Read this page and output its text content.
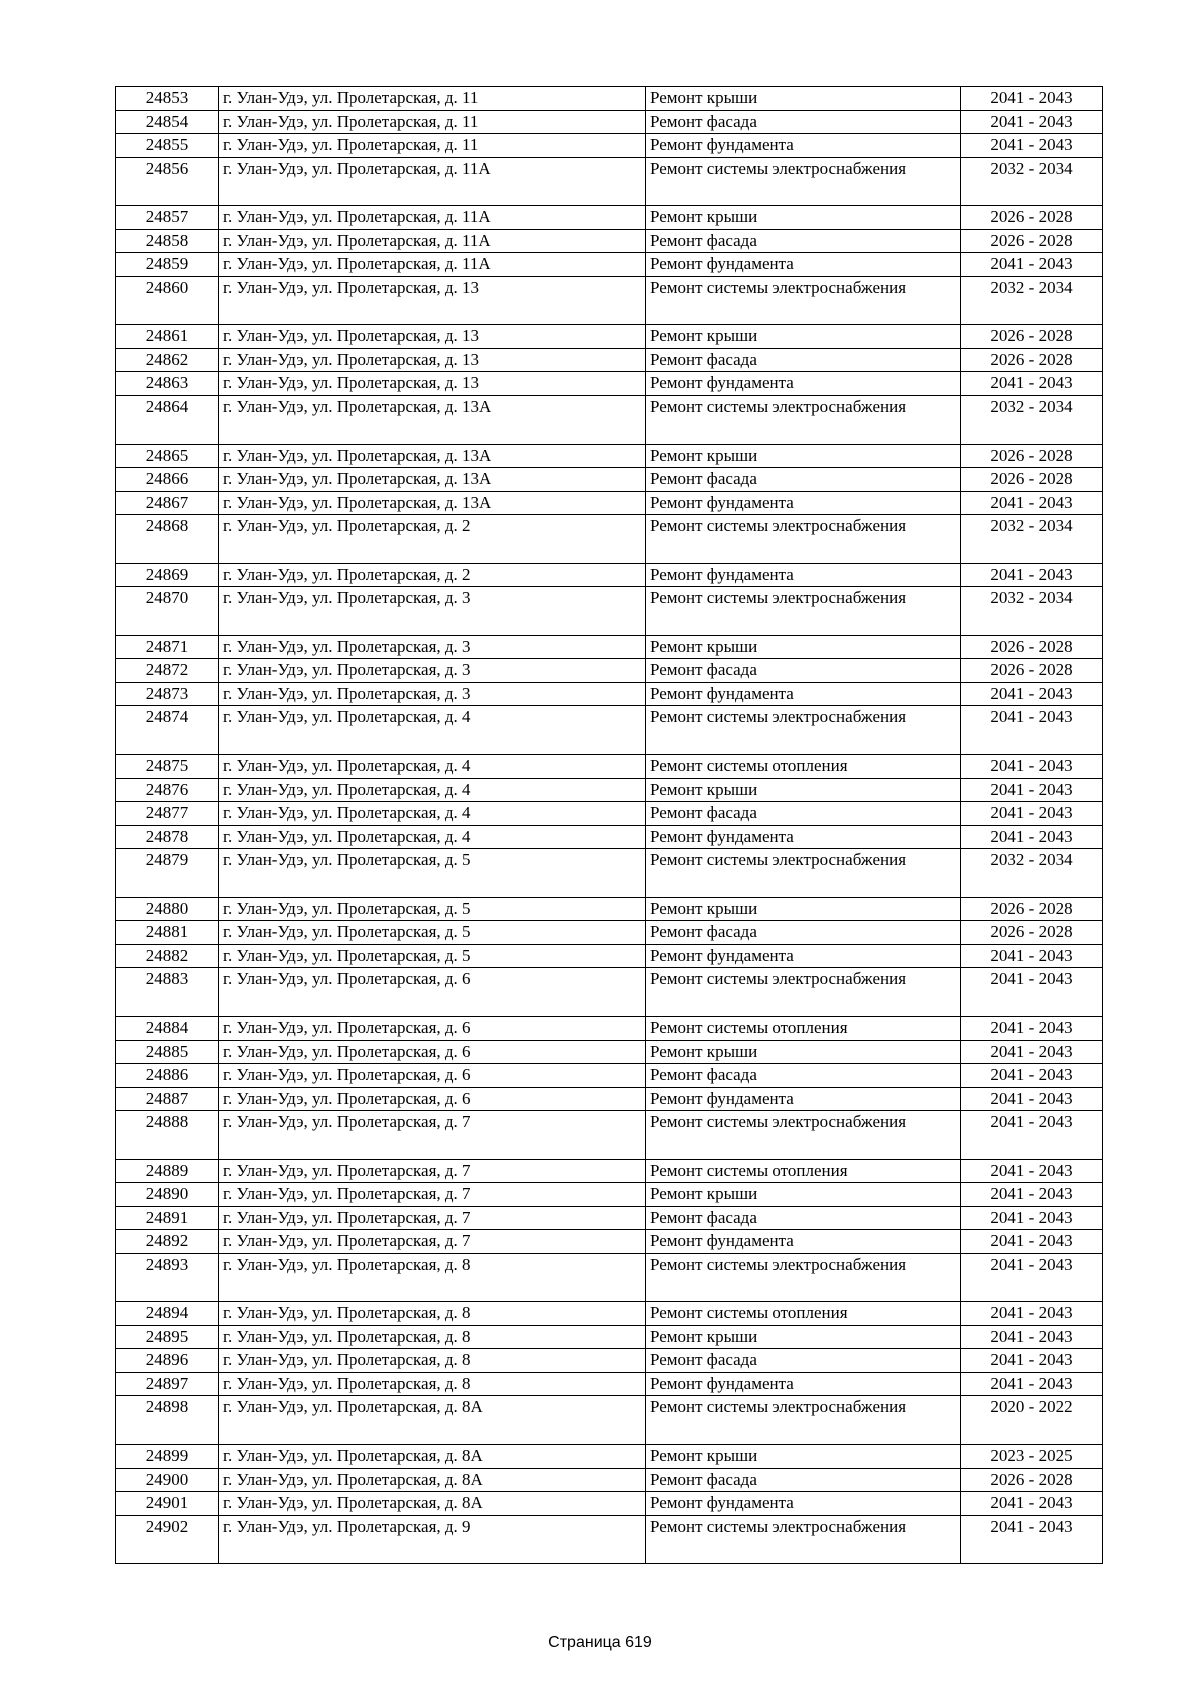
24853	г. Улан-Удэ, ул. Пролетарская, д. 11	Ремонт крыши	2041 - 2043
24854	г. Улан-Удэ, ул. Пролетарская, д. 11	Ремонт фасада	2041 - 2043
24855	г. Улан-Удэ, ул. Пролетарская, д. 11	Ремонт фундамента	2041 - 2043
24856	г. Улан-Удэ, ул. Пролетарская, д. 11А	Ремонт системы электроснабжения	2032 - 2034
24857	г. Улан-Удэ, ул. Пролетарская, д. 11А	Ремонт крыши	2026 - 2028
24858	г. Улан-Удэ, ул. Пролетарская, д. 11А	Ремонт фасада	2026 - 2028
24859	г. Улан-Удэ, ул. Пролетарская, д. 11А	Ремонт фундамента	2041 - 2043
24860	г. Улан-Удэ, ул. Пролетарская, д. 13	Ремонт системы электроснабжения	2032 - 2034
24861	г. Улан-Удэ, ул. Пролетарская, д. 13	Ремонт крыши	2026 - 2028
24862	г. Улан-Удэ, ул. Пролетарская, д. 13	Ремонт фасада	2026 - 2028
24863	г. Улан-Удэ, ул. Пролетарская, д. 13	Ремонт фундамента	2041 - 2043
24864	г. Улан-Удэ, ул. Пролетарская, д. 13А	Ремонт системы электроснабжения	2032 - 2034
24865	г. Улан-Удэ, ул. Пролетарская, д. 13А	Ремонт крыши	2026 - 2028
24866	г. Улан-Удэ, ул. Пролетарская, д. 13А	Ремонт фасада	2026 - 2028
24867	г. Улан-Удэ, ул. Пролетарская, д. 13А	Ремонт фундамента	2041 - 2043
24868	г. Улан-Удэ, ул. Пролетарская, д. 2	Ремонт системы электроснабжения	2032 - 2034
24869	г. Улан-Удэ, ул. Пролетарская, д. 2	Ремонт фундамента	2041 - 2043
24870	г. Улан-Удэ, ул. Пролетарская, д. 3	Ремонт системы электроснабжения	2032 - 2034
24871	г. Улан-Удэ, ул. Пролетарская, д. 3	Ремонт крыши	2026 - 2028
24872	г. Улан-Удэ, ул. Пролетарская, д. 3	Ремонт фасада	2026 - 2028
24873	г. Улан-Удэ, ул. Пролетарская, д. 3	Ремонт фундамента	2041 - 2043
24874	г. Улан-Удэ, ул. Пролетарская, д. 4	Ремонт системы электроснабжения	2041 - 2043
24875	г. Улан-Удэ, ул. Пролетарская, д. 4	Ремонт системы отопления	2041 - 2043
24876	г. Улан-Удэ, ул. Пролетарская, д. 4	Ремонт крыши	2041 - 2043
24877	г. Улан-Удэ, ул. Пролетарская, д. 4	Ремонт фасада	2041 - 2043
24878	г. Улан-Удэ, ул. Пролетарская, д. 4	Ремонт фундамента	2041 - 2043
24879	г. Улан-Удэ, ул. Пролетарская, д. 5	Ремонт системы электроснабжения	2032 - 2034
24880	г. Улан-Удэ, ул. Пролетарская, д. 5	Ремонт крыши	2026 - 2028
24881	г. Улан-Удэ, ул. Пролетарская, д. 5	Ремонт фасада	2026 - 2028
24882	г. Улан-Удэ, ул. Пролетарская, д. 5	Ремонт фундамента	2041 - 2043
24883	г. Улан-Удэ, ул. Пролетарская, д. 6	Ремонт системы электроснабжения	2041 - 2043
24884	г. Улан-Удэ, ул. Пролетарская, д. 6	Ремонт системы отопления	2041 - 2043
24885	г. Улан-Удэ, ул. Пролетарская, д. 6	Ремонт крыши	2041 - 2043
24886	г. Улан-Удэ, ул. Пролетарская, д. 6	Ремонт фасада	2041 - 2043
24887	г. Улан-Удэ, ул. Пролетарская, д. 6	Ремонт фундамента	2041 - 2043
24888	г. Улан-Удэ, ул. Пролетарская, д. 7	Ремонт системы электроснабжения	2041 - 2043
24889	г. Улан-Удэ, ул. Пролетарская, д. 7	Ремонт системы отопления	2041 - 2043
24890	г. Улан-Удэ, ул. Пролетарская, д. 7	Ремонт крыши	2041 - 2043
24891	г. Улан-Удэ, ул. Пролетарская, д. 7	Ремонт фасада	2041 - 2043
24892	г. Улан-Удэ, ул. Пролетарская, д. 7	Ремонт фундамента	2041 - 2043
24893	г. Улан-Удэ, ул. Пролетарская, д. 8	Ремонт системы электроснабжения	2041 - 2043
24894	г. Улан-Удэ, ул. Пролетарская, д. 8	Ремонт системы отопления	2041 - 2043
24895	г. Улан-Удэ, ул. Пролетарская, д. 8	Ремонт крыши	2041 - 2043
24896	г. Улан-Удэ, ул. Пролетарская, д. 8	Ремонт фасада	2041 - 2043
24897	г. Улан-Удэ, ул. Пролетарская, д. 8	Ремонт фундамента	2041 - 2043
24898	г. Улан-Удэ, ул. Пролетарская, д. 8А	Ремонт системы электроснабжения	2020 - 2022
24899	г. Улан-Удэ, ул. Пролетарская, д. 8А	Ремонт крыши	2023 - 2025
24900	г. Улан-Удэ, ул. Пролетарская, д. 8А	Ремонт фасада	2026 - 2028
24901	г. Улан-Удэ, ул. Пролетарская, д. 8А	Ремонт фундамента	2041 - 2043
24902	г. Улан-Удэ, ул. Пролетарская, д. 9	Ремонт системы электроснабжения	2041 - 2043
Страница 619
